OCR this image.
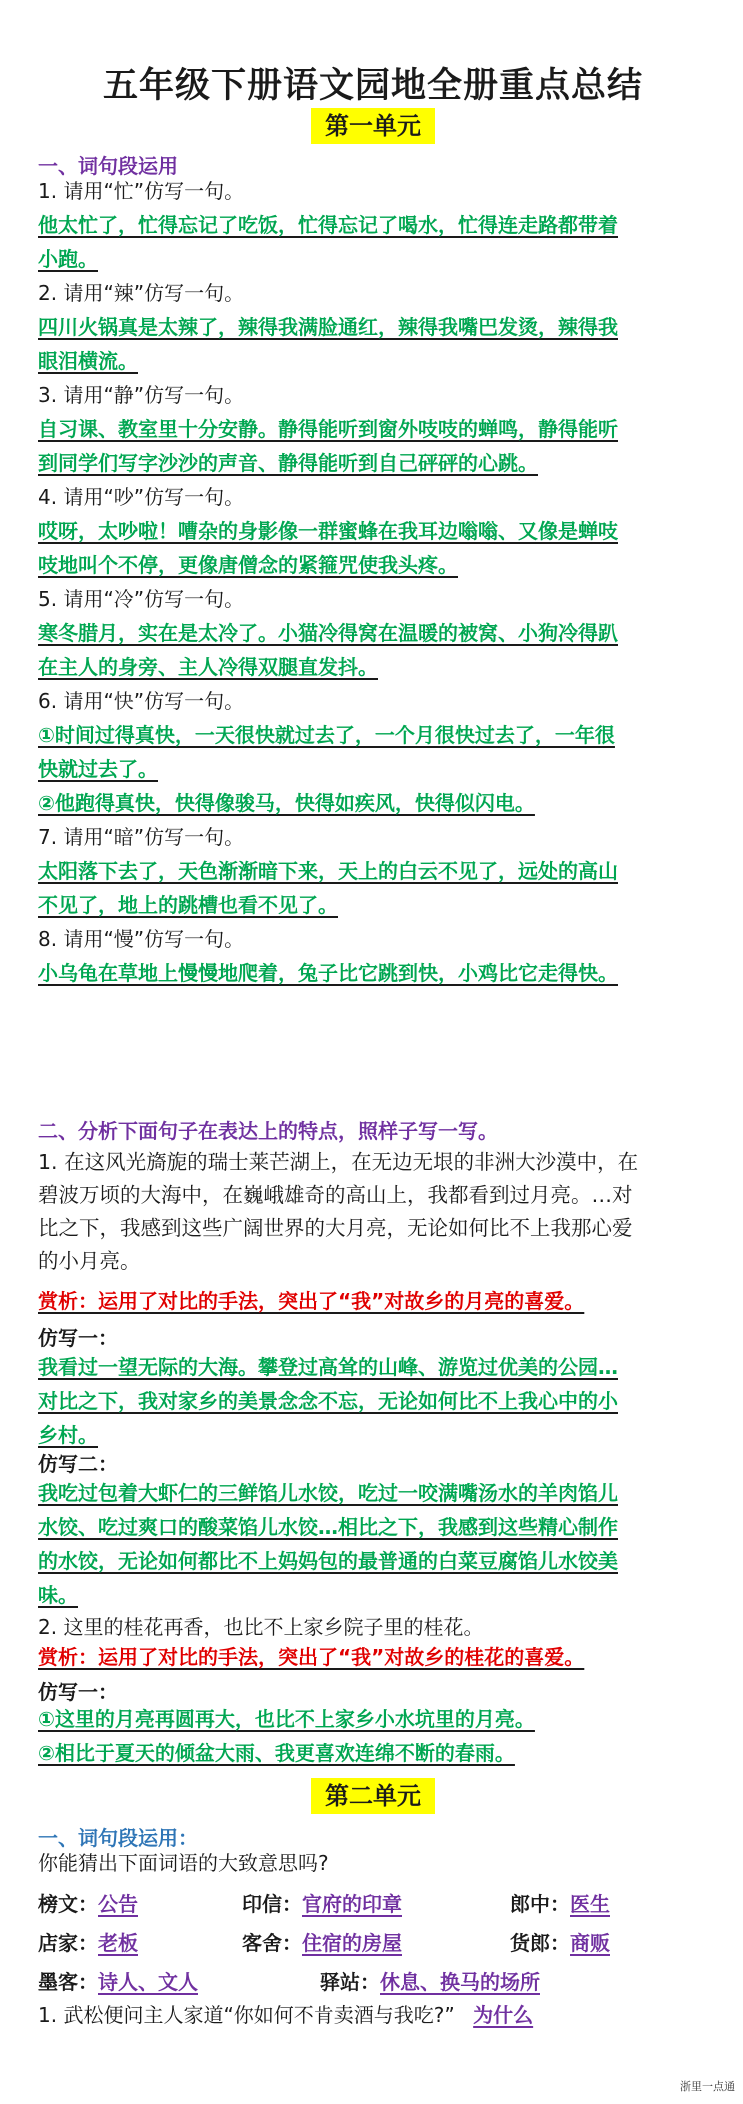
五年级下册语文园地全册重点总结
第一单元
一、词句段运用
1. 请用“忙”仿写一句。
他太忙了，忙得忘记了吃饭，忙得忘记了喝水，忙得连走路都带着
小跑。
2. 请用“辣”仿写一句。
四川火锅真是太辣了，辣得我满脸通红，辣得我嘴巴发烫，辣得我
眼泪横流。
3. 请用“静”仿写一句。
自习课、教室里十分安静。静得能听到窗外吱吱的蝉鸣，静得能听
到同学们写字沙沙的声音、静得能听到自己砰砰的心跳。
4. 请用“吵”仿写一句。
哎呀，太吵啦！嘈杂的身影像一群蜜蜂在我耳边嗡嗡、又像是蝉吱
吱地叫个不停，更像唐僧念的紧箍咒使我头疼。
5. 请用“冷”仿写一句。
寒冬腊月，实在是太冷了。小猫冷得窝在温暖的被窝、小狗冷得趴
在主人的身旁、主人冷得双腿直发抖。
6. 请用“快”仿写一句。
①时间过得真快，一天很快就过去了，一个月很快过去了，一年很
快就过去了。
②他跑得真快，快得像骏马，快得如疾风，快得似闪电。
7. 请用“暗”仿写一句。
太阳落下去了，天色渐渐暗下来，天上的白云不见了，远处的高山
不见了，地上的跳槽也看不见了。
8. 请用“慢”仿写一句。
小乌龟在草地上慢慢地爬着，兔子比它跳到快，小鸡比它走得快。
二、分析下面句子在表达上的特点，照样子写一写。
1. 在这风光旖旎的瑞士莱芒湖上，在无边无垠的非洲大沙漠中，在
碧波万顷的大海中，在巍峨雄奇的高山上，我都看到过月亮。…对
比之下，我感到这些广阔世界的大月亮，无论如何比不上我那心爱
的小月亮。
赏析：运用了对比的手法，突出了“我”对故乡的月亮的喜爱。
仿写一：
我看过一望无际的大海。攀登过高耸的山峰、游览过优美的公园…
对比之下，我对家乡的美景念念不忘，无论如何比不上我心中的小
乡村。
仿写二：
我吃过包着大虾仁的三鲜馅儿水饺，吃过一咬满嘴汤水的羊肉馅儿
水饺、吃过爽口的酸菜馅儿水饺…相比之下，我感到这些精心制作
的水饺，无论如何都比不上妈妈包的最普通的白菜豆腐馅儿水饺美
味。
2. 这里的桂花再香，也比不上家乡院子里的桂花。
赏析：运用了对比的手法，突出了“我”对故乡的桂花的喜爱。
仿写一：
①这里的月亮再圆再大，也比不上家乡小水坑里的月亮。
②相比于夏天的倾盆大雨、我更喜欢连绵不断的春雨。
第二单元
一、词句段运用：
你能猜出下面词语的大致意思吗?
榜文：公告	印信：官府的印章	郎中：医生
店家：老板	客舍：住宿的房屋	货郎：商贩
墨客：诗人、文人	驿站：休息、换马的场所
1. 武松便问主人家道“你如何不肯卖酒与我吃?” 为什么
浙里一点通
